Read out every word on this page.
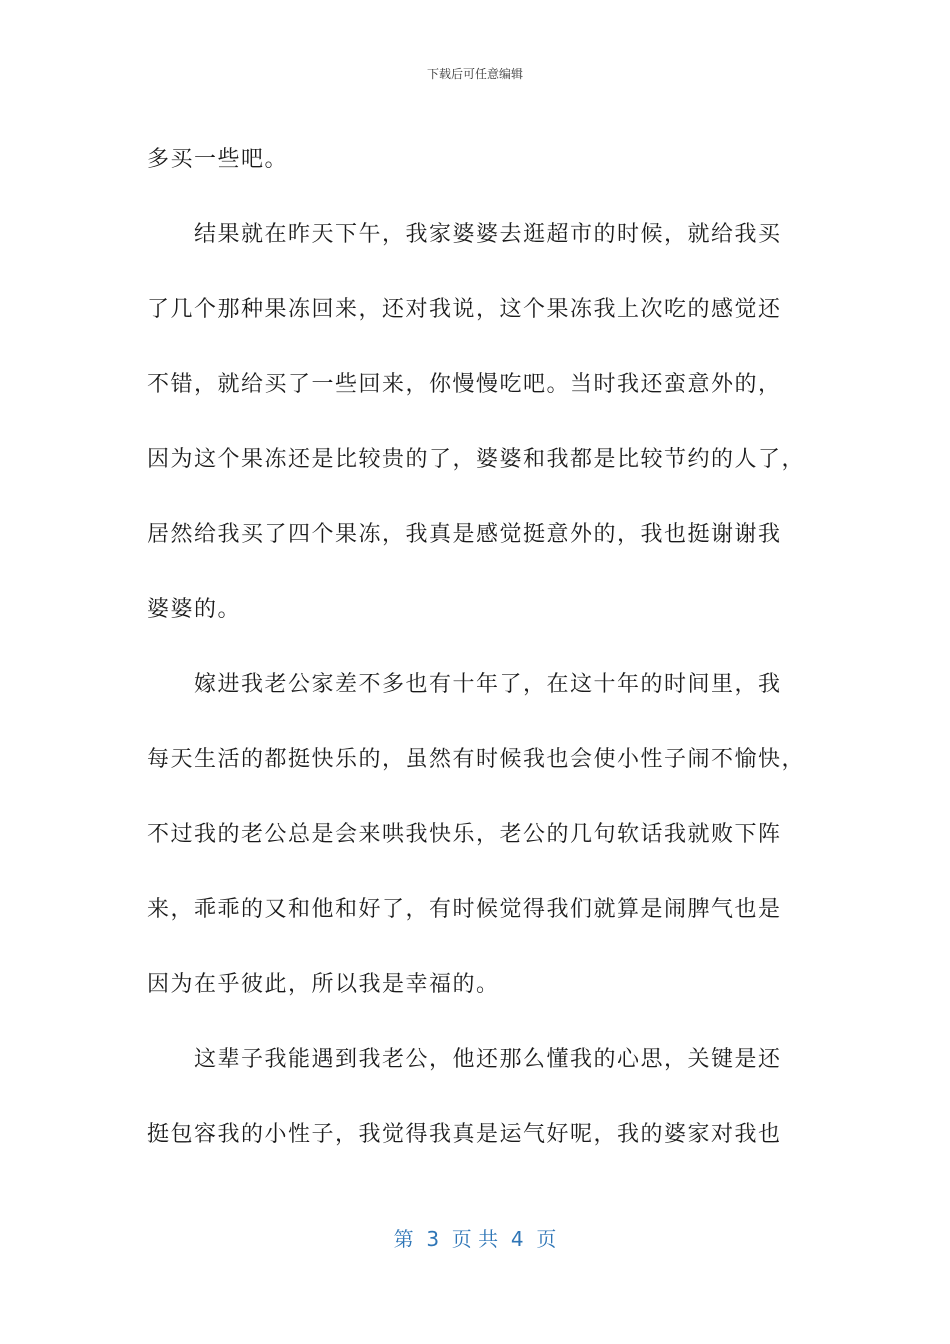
下载后可任意编辑
多买一些吧。
结果就在昨天下午，我家婆婆去逛超市的时候，就给我买
了几个那种果冻回来，还对我说，这个果冻我上次吃的感觉还
不错，就给买了一些回来，你慢慢吃吧。当时我还蛮意外的，
因为这个果冻还是比较贵的了，婆婆和我都是比较节约的人了，
居然给我买了四个果冻，我真是感觉挺意外的，我也挺谢谢我
婆婆的。
嫁进我老公家差不多也有十年了，在这十年的时间里，我
每天生活的都挺快乐的，虽然有时候我也会使小性子闹不愉快，
不过我的老公总是会来哄我快乐，老公的几句软话我就败下阵
来，乖乖的又和他和好了，有时候觉得我们就算是闹脾气也是
因为在乎彼此，所以我是幸福的。
这辈子我能遇到我老公，他还那么懂我的心思，关键是还
挺包容我的小性子，我觉得我真是运气好呢，我的婆家对我也
第  3  页 共  4  页
